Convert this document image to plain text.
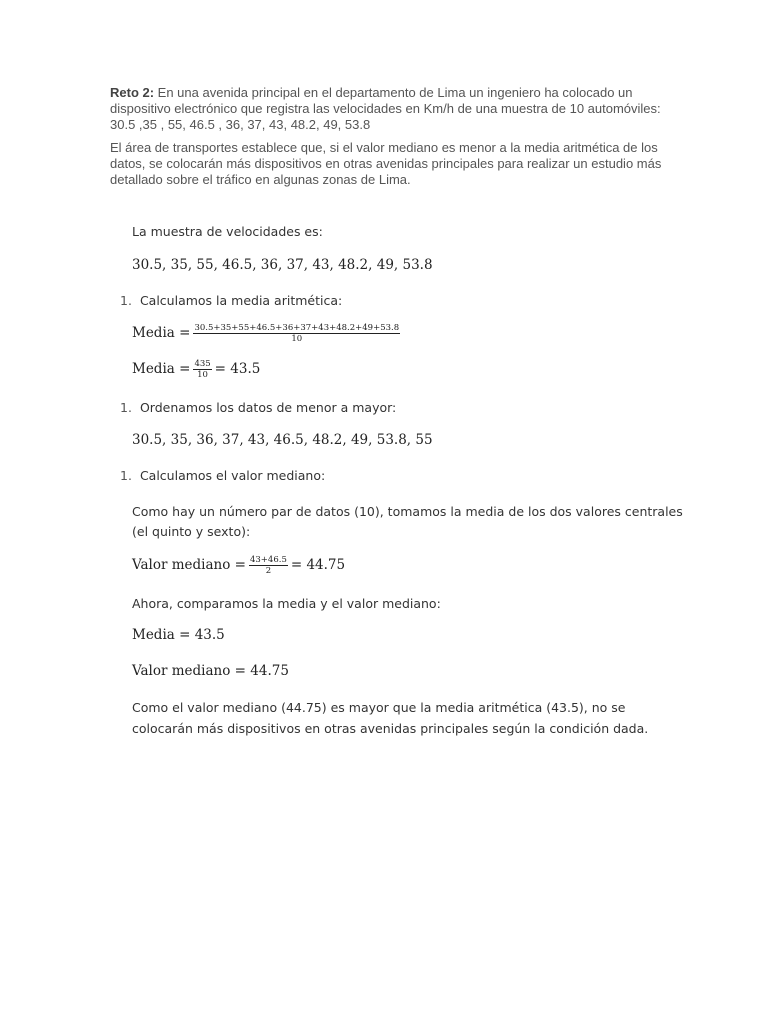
Reto 2: En una avenida principal en el departamento de Lima un ingeniero ha colocado un
dispositivo electrónico que registra las velocidades en Km/h de una muestra de 10 automóviles:
30.5 ,35 , 55, 46.5 , 36, 37, 43, 48.2, 49, 53.8
El área de transportes establece que, si el valor mediano es menor a la media aritmética de los
datos, se colocarán más dispositivos en otras avenidas principales para realizar un estudio más
detallado sobre el tráfico en algunas zonas de Lima.
La muestra de velocidades es:
30.5, 35, 55, 46.5, 36, 37, 43, 48.2, 49, 53.8
1. Calculamos la media aritmética:
Media = $\frac{30.5+35+55+46.5+36+37+43+48.2+49+53.8}{10}$
Media = $\frac{435}{10} = 43.5$
1. Ordenamos los datos de menor a mayor:
30.5, 35, 36, 37, 43, 46.5, 48.2, 49, 53.8, 55
1. Calculamos el valor mediano:
Como hay un número par de datos (10), tomamos la media de los dos valores centrales
(el quinto y sexto):
Valor mediano = $\frac{43+46.5}{2} = 44.75$
Ahora, comparamos la media y el valor mediano:
Media = 43.5
Valor mediano = 44.75
Como el valor mediano (44.75) es mayor que la media aritmética (43.5), no se
colocarán más dispositivos en otras avenidas principales según la condición dada.
